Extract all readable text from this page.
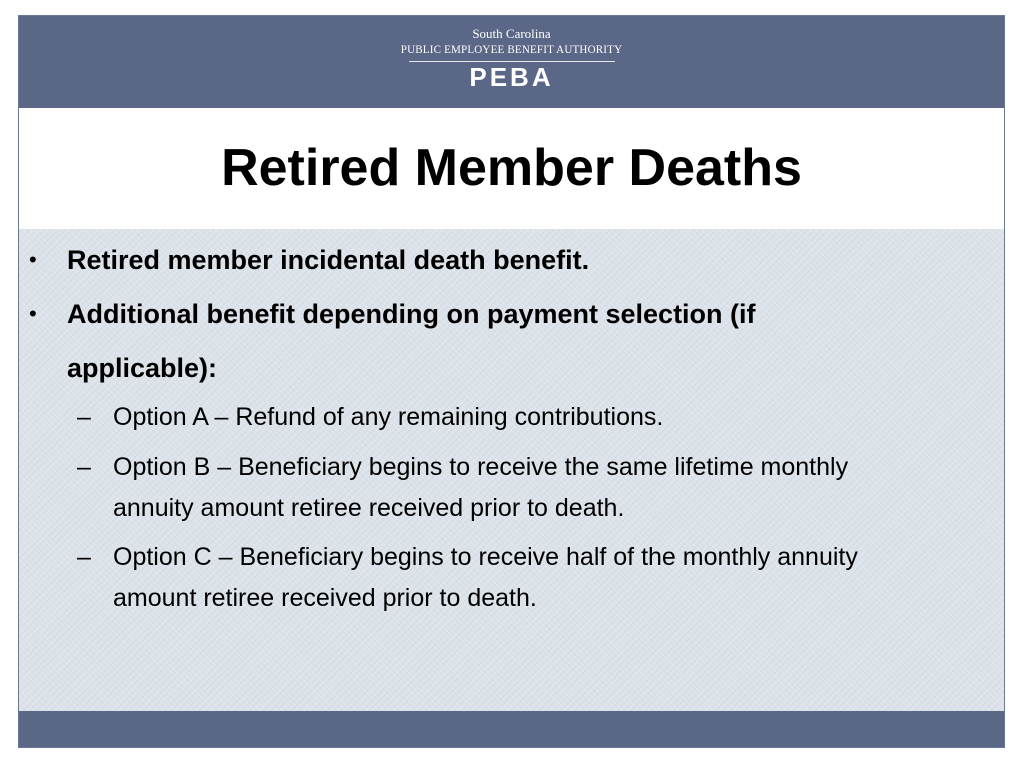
South Carolina
PUBLIC EMPLOYEE BENEFIT AUTHORITY
PEBA
Retired Member Deaths
• Retired member incidental death benefit.
• Additional benefit depending on payment selection (if applicable):
– Option A – Refund of any remaining contributions.
– Option B – Beneficiary begins to receive the same lifetime monthly annuity amount retiree received prior to death.
– Option C – Beneficiary begins to receive half of the monthly annuity amount retiree received prior to death.
